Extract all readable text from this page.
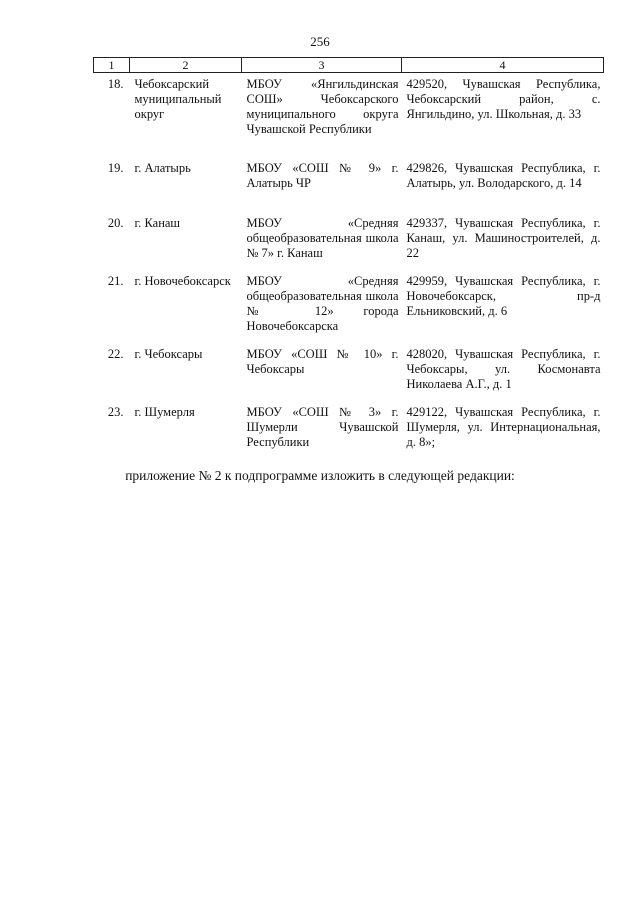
256
1	2	3	4
18.	Чебоксарский муниципальный округ	МБОУ «Янгильдинская СОШ» Чебоксарского муниципального округа Чувашской Республики	429520, Чувашская Республика, Чебоксарский район, с. Янгильдино, ул. Школьная, д. 33
19.	г. Алатырь	МБОУ «СОШ № 9» г. Алатырь ЧР	429826, Чувашская Республика, г. Алатырь, ул. Володарского, д. 14
20.	г. Канаш	МБОУ «Средняя общеобразовательная школа № 7» г. Канаш	429337, Чувашская Республика, г. Канаш, ул. Машиностроителей, д. 22
21.	г. Новочебоксарск	МБОУ «Средняя общеобразовательная школа № 12» города Новочебоксарска	429959, Чувашская Республика, г. Новочебоксарск, пр-д Ельниковский, д. 6
22.	г. Чебоксары	МБОУ «СОШ № 10» г. Чебоксары	428020, Чувашская Республика, г. Чебоксары, ул. Космонавта Николаева А.Г., д. 1
23.	г. Шумерля	МБОУ «СОШ № 3» г. Шумерли Чувашской Республики	429122, Чувашская Республика, г. Шумерля, ул. Интернациональная, д. 8»;
приложение № 2 к подпрограмме изложить в следующей редакции:
